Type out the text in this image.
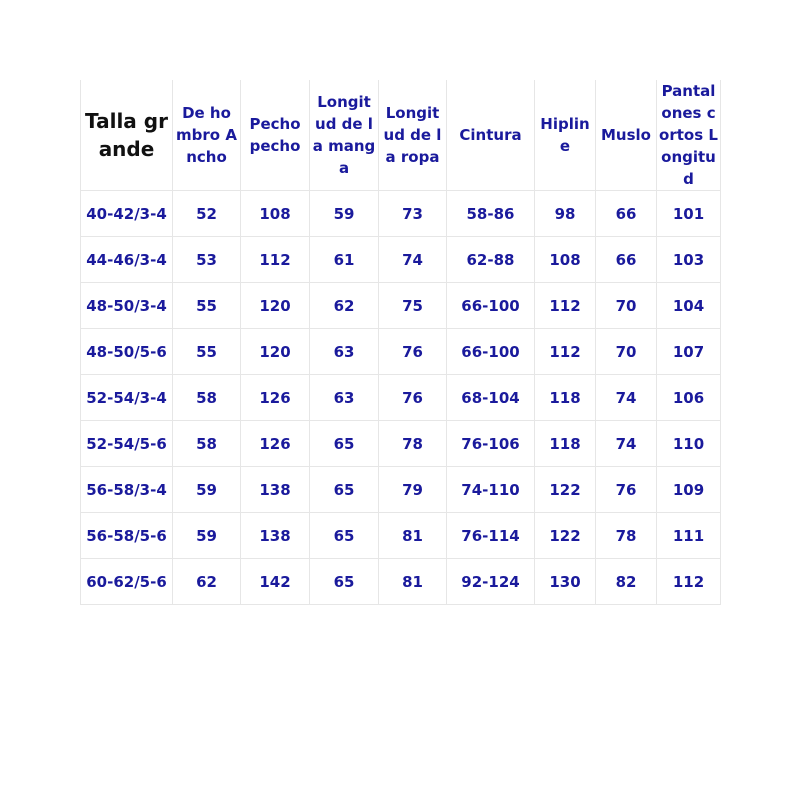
Talla grande	De hombro Ancho	Pecho pecho	Longitud de la manga	Longitud de la ropa	Cintura	Hipline	Muslo	Pantalones cortos Longitud
40-42/3-4	52	108	59	73	58-86	98	66	101
44-46/3-4	53	112	61	74	62-88	108	66	103
48-50/3-4	55	120	62	75	66-100	112	70	104
48-50/5-6	55	120	63	76	66-100	112	70	107
52-54/3-4	58	126	63	76	68-104	118	74	106
52-54/5-6	58	126	65	78	76-106	118	74	110
56-58/3-4	59	138	65	79	74-110	122	76	109
56-58/5-6	59	138	65	81	76-114	122	78	111
60-62/5-6	62	142	65	81	92-124	130	82	112
